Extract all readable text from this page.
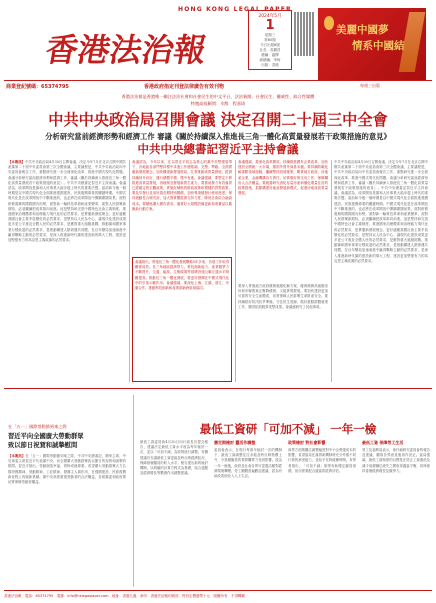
HONG KONG LEGAL PAPER
香港法治報
2024年5月
1
星期三
第80期
今日出版8版
社長：高麗昌
總編：盧柳
副總編：李柯
出版：香港
美麗中國夢
情系中國結
商業登記號碼：65374795	香港政府指定刊登法律廣告有效刊物	每週三出版
香港法治報是香港唯一關注法治社會和社會民生的中文平台，法治新聞、社會民生、權威性、綜合性媒體
特邀高級顧問：辛散　程嘉琦
中共中央政治局召開會議 決定召開二十屆三中全會
分析研究當前經濟形勢和經濟工作 審議《關於持續深入推進長三角一體化高質量發展若干政策措施的意見》
中共中央總書記習近平主持會議
【本報訊】中共中央政治局4月30日召開會議，決定今年7月在北京召開中國共產黨第二十屆中央委員會第三次全體會議，主要議程是，中共中央政治局向中央委員會報告工作，重點研究進一步全面深化改革、推進中國式現代化問題。會議分析研究當前經濟形勢和經濟工作，審議《關於持續深入推進長三角一體化高質量發展若干政策措施的意見》。中共中央總書記習近平主持會議。會議認為，改革開放是黨和人民事業大踏步趕上時代的重要法寶。當前和今後一個時期是以中國式現代化全面推進強國建設、民族復興偉業的關鍵時期。中國式現代化是在改革開放中不斷推進的，也必將在改革開放中開闢廣闊前景。面對紛繁複雜的國際國內形勢，面對新一輪科技革命和產業變革，面對人民群眾新期待，必須繼續把改革推向前進。這是堅持和完善中國特色社會主義制度、推進國家治理體系和治理能力現代化的必然要求，是貫徹新發展理念、更好適應我國社會主要矛盾變化的必然要求，是堅持以人民為中心、讓現代化建設成果更多更公平惠及全體人民的必然要求，是應對重大風險挑戰、推動黨和國家事業行穩致遠的必然要求，是推動構建人類命運共同體、在百年變局加速演進中贏得戰略主動的必然要求，是深入推進新時代黨的建設新的偉大工程、建設更加堅強有力的馬克思主義政黨的必然要求。
會議認為，今年以來，在以習近平同志為核心的黨中央堅強領導下，各地區各部門堅持穩中求進工作總基調，完整、準確、全面貫徹新發展理念，加快構建新發展格局，扎實推動高質量發展，經濟持續回升向好，運行總體平穩、穩中有進。會議強調，要堅定不移推進高質量發展，因地制宜發展新質生產力。要靠前發力有效落實已經確定的宏觀政策，實施好積極的財政政策和穩健的貨幣政策。要及早發行並用好超長期特別國債，加快專項債發行使用進度，保持流動性合理充裕，加大對實體經濟支持力度，降低社會綜合融資成本。要積極擴大國內需求，落實好大規模設備更新和消費品以舊換新行動方案。
會議指出，實施長三角一體化發展戰略5年多來，各項工作取得顯著成效，長三角地區經濟實力、科技創新能力、產業競爭力不斷提升，交通、能源、生態環境等基礎設施互聯互通水平明顯提高。推動長三角一體化發展，要更好發揮在中國式現代化中的引領示範作用。會議強調，要深化上海、江蘇、浙江、安徽合作，推動科技創新和產業創新跨區域協同。
會議強調，要深化改革開放，持續推進國有企業改革，加快建設全國統一大市場，鞏固外貿外資基本盤。要持續防範化解重點領域風險，繼續堅持因城施策，壓實地方政府、房地產企業、金融機構各方責任，切實做好保交房工作，保障購房人合法權益。要統籌研究消化存量房產和優化增量住房的政策措施，抓緊構建房地產發展新模式，促進房地產高質量發展。
要深入實施地方政府債務風險化解方案，確保債務高風險省份和市縣既真正壓降債務、又能實現發展。要加快建設更加可靠的安全生產體系，切實保障人民群眾生命財產安全。要持續抓好防汛抗旱準備，守住民生底線，做好重點群體就業工作，鞏固拓展脫貧攻堅成果。會議還研究了其他事項。
中共中央政治局4月30日召開會議，決定今年7月在北京召開中國共產黨第二十屆中央委員會第三次全體會議，主要議程是，中共中央政治局向中央委員會報告工作，重點研究進一步全面深化改革、推進中國式現代化問題。會議分析研究當前經濟形勢和經濟工作，審議《關於持續深入推進長三角一體化高質量發展若干政策措施的意見》。中共中央總書記習近平主持會議。會議認為，改革開放是黨和人民事業大踏步趕上時代的重要法寶。當前和今後一個時期是以中國式現代化全面推進強國建設、民族復興偉業的關鍵時期。中國式現代化是在改革開放中不斷推進的，也必將在改革開放中開闢廣闊前景。面對紛繁複雜的國際國內形勢，面對新一輪科技革命和產業變革，面對人民群眾新期待，必須繼續把改革推向前進。這是堅持和完善中國特色社會主義制度、推進國家治理體系和治理能力現代化的必然要求，是貫徹新發展理念、更好適應我國社會主要矛盾變化的必然要求，是堅持以人民為中心、讓現代化建設成果更多更公平惠及全體人民的必然要求，是應對重大風險挑戰、推動黨和國家事業行穩致遠的必然要求，是推動構建人類命運共同體、在百年變局加速演進中贏得戰略主動的必然要求，是深入推進新時代黨的建設新的偉大工程、建設更加堅強有力的馬克思主義政黨的必然要求。
在「五一」國際勞動節到來之際
習近平向全國廣大勞動群眾
致以節日祝賀和誠摯慰問
【本報訊】在「五一」國際勞動節到來之際，中共中央總書記、國家主席、中央軍委主席習近平代表黨中央，向全國廣大勞動群眾致以節日的祝賀和誠摯的慰問。習近平指出，勞動創造幸福，實幹成就偉業。希望廣大勞動群眾大力弘揚勞模精神、勞動精神、工匠精神，發揮主人翁作用，在強國建設、民族復興新征程上再創新業績。黨中央高度重視勞動者的合法權益，各級黨委和政府要切實保障勞動者權益。
最低工資研「可加不減」 一年一檢
最低工資委員會4月30日向行政長官提交報告，建議法定最低工資水平改為每年檢討一次，並以「可加不減」為原則進行調整。有關建議旨在讓最低工資更能及時反映經濟狀況，保障基層僱員的收入水平。報告提出新的檢討機制，以明確的計算方程式為基礎，結合通脹及經濟增長等數據作出調整建議。
應定期檢討 靈活作調整
委員會表示，在現行每兩年檢討一次的機制下，最低工資調整往往未能及時反映物價上升，令基層僱員的實際購買力受到影響。改為一年一檢後，政府及社會各界可更靈活應對經濟環境轉變。勞工團體普遍歡迎建議，認為有助改善低收入人士生活。
政策檢討 對社會影響
商界方面則關注調整幅度對中小企營運成本的影響，希望當局在落實新機制時充分考慮不同行業的承受能力，並給予足夠緩衝時間。有學者指出，「可加不減」原則有助穩定僱員預期，但亦需要配合適當的經濟評估。
最低工資 保障勞工生活
勞工及福利局表示，會仔細研究委員會的報告及建議，聽取各界意見後再作決定。當局強調，最低工資制度的目標是在防止工資過低及減少低薪職位流失之間取得適當平衡，同時維持香港經濟增長及競爭力。
香港法治報　電話：65374795　電郵：info@hklegalpaper.com　地址：香港九龍　承印：香港法治報印刷部　每份定價港幣十元　版權所有　不得轉載
